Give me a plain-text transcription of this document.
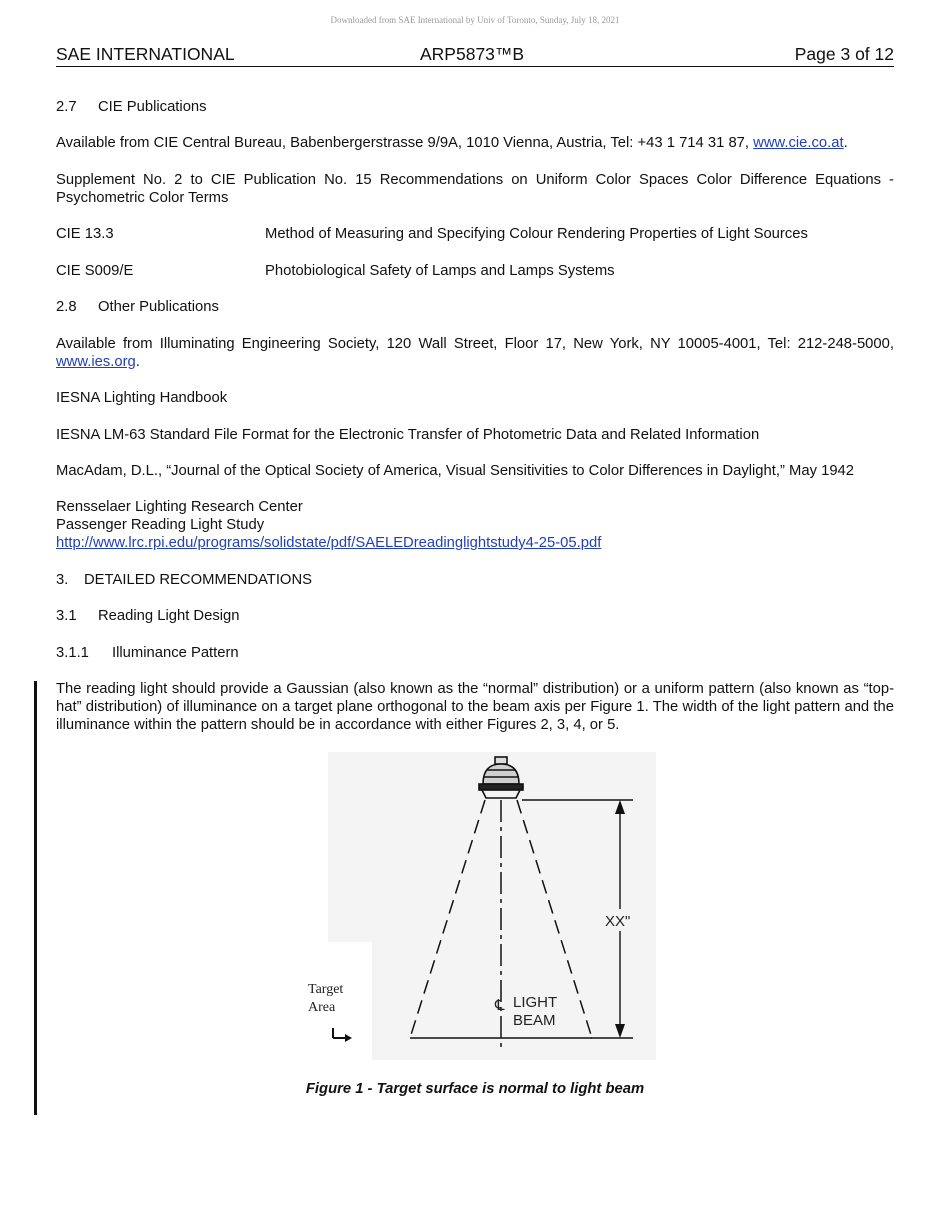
Downloaded from SAE International by Univ of Toronto, Sunday, July 18, 2021
SAE INTERNATIONAL	ARP5873™B	Page 3 of 12
2.7 CIE Publications
Available from CIE Central Bureau, Babenbergerstrasse 9/9A, 1010 Vienna, Austria, Tel: +43 1 714 31 87, www.cie.co.at.
Supplement No. 2 to CIE Publication No. 15 Recommendations on Uniform Color Spaces Color Difference Equations - Psychometric Color Terms
CIE 13.3	Method of Measuring and Specifying Colour Rendering Properties of Light Sources
CIE S009/E	Photobiological Safety of Lamps and Lamps Systems
2.8 Other Publications
Available from Illuminating Engineering Society, 120 Wall Street, Floor 17, New York, NY 10005-4001, Tel: 212-248-5000, www.ies.org.
IESNA Lighting Handbook
IESNA LM-63 Standard File Format for the Electronic Transfer of Photometric Data and Related Information
MacAdam, D.L., “Journal of the Optical Society of America, Visual Sensitivities to Color Differences in Daylight,” May 1942
Rensselaer Lighting Research Center
Passenger Reading Light Study
http://www.lrc.rpi.edu/programs/solidstate/pdf/SAELEDreadinglightstudy4-25-05.pdf
3. DETAILED RECOMMENDATIONS
3.1 Reading Light Design
3.1.1 Illuminance Pattern
The reading light should provide a Gaussian (also known as the “normal” distribution) or a uniform pattern (also known as “top-hat” distribution) of illuminance on a target plane orthogonal to the beam axis per Figure 1. The width of the light pattern and the illuminance within the pattern should be in accordance with either Figures 2, 3, 4, or 5.
XX"
℄ LIGHT
BEAM
Target
Area
Figure 1 - Target surface is normal to light beam
